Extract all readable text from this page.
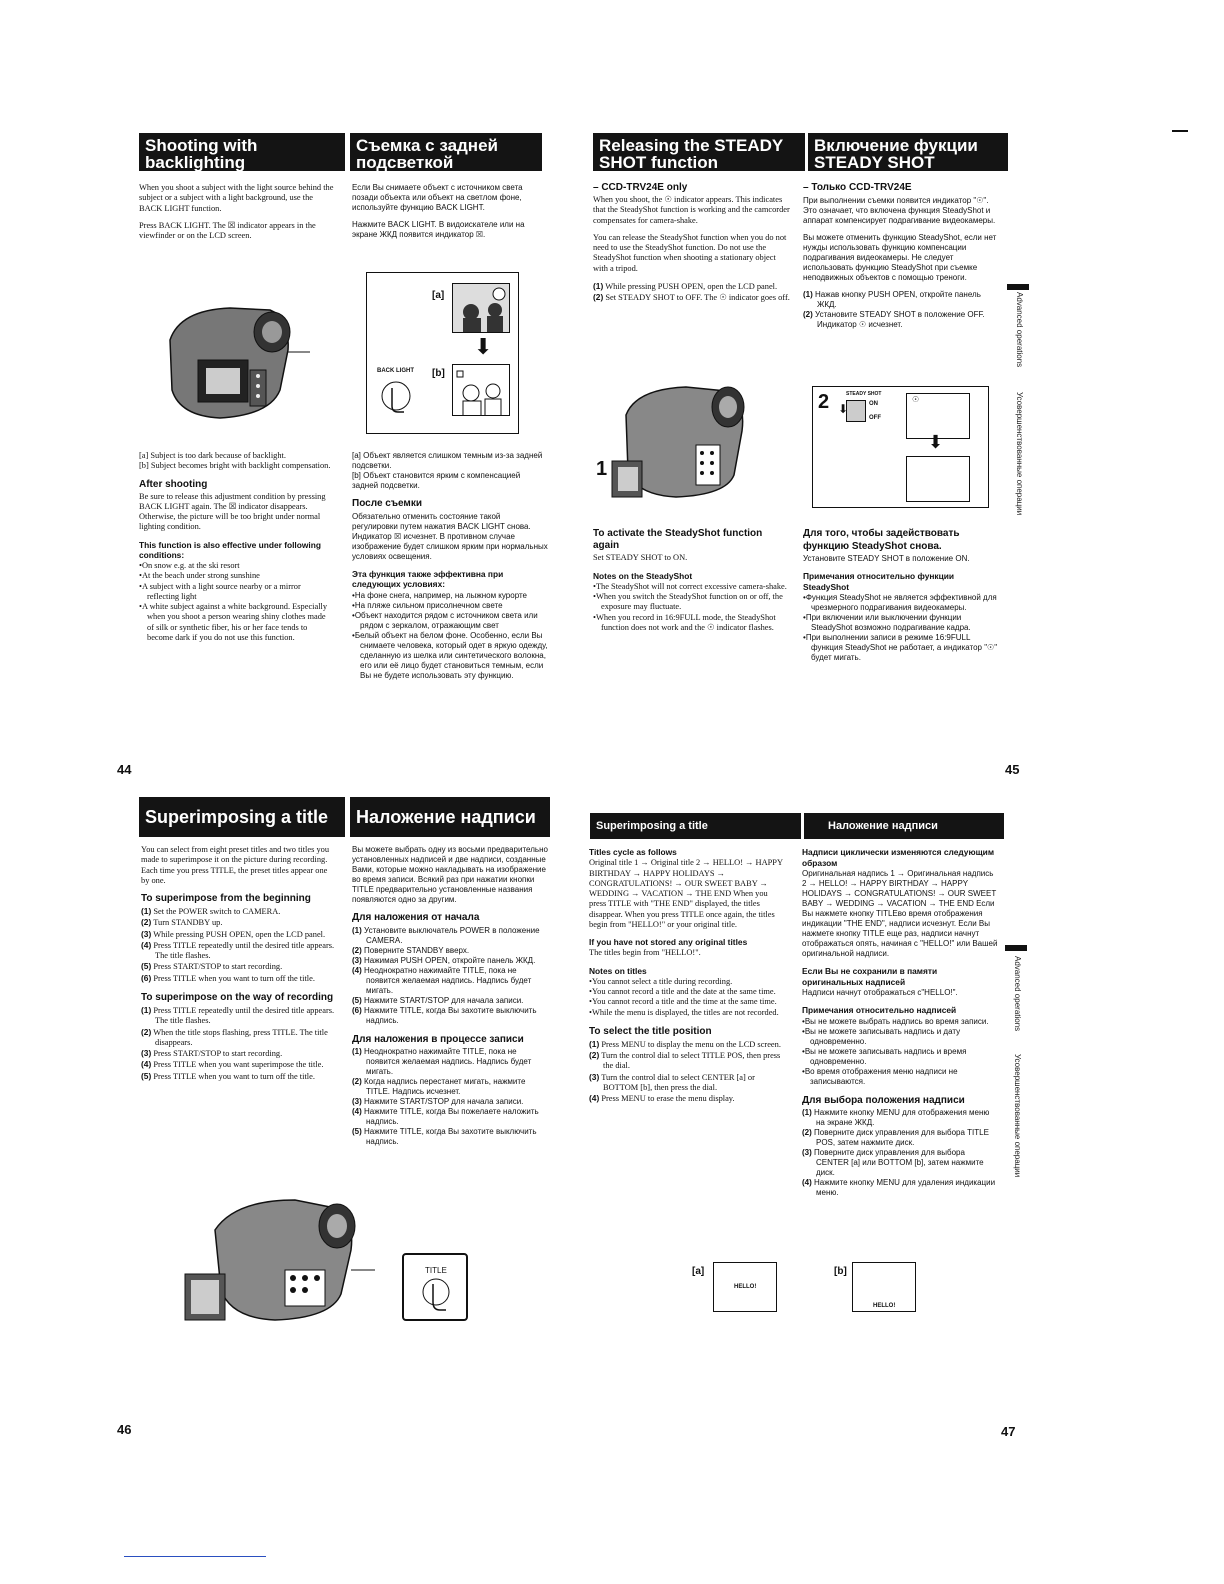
Shooting with
backlighting
Съемка с задней
подсветкой

When you shoot a subject with the light source behind the subject or a subject with a light background, use the BACK LIGHT function.

Press BACK LIGHT. The ☒ indicator appears in the viewfinder or on the LCD screen.

Если Вы снимаете объект с источником света позади объекта или объект на светлом фоне, используйте функцию BACK LIGHT.

Нажмите BACK LIGHT. В видоискателе или на экране ЖКД появится индикатор ☒.

[a]
⬇
[b]
BACK LIGHT

[a] Subject is too dark because of backlight.

[b] Subject becomes bright with backlight compensation.

After shooting

Be sure to release this adjustment condition by pressing BACK LIGHT again. The ☒ indicator disappears. Otherwise, the picture will be too bright under normal lighting condition.

This function is also effective under following conditions:
• On snow e.g. at the ski resort
• At the beach under strong sunshine
• A subject with a light source nearby or a mirror reflecting light
• A white subject against a white background. Especially when you shoot a person wearing shiny clothes made of silk or synthetic fiber, his or her face tends to become dark if you do not use this function.

[a] Объект является слишком темным из-за задней подсветки.

[b] Объект становится ярким с компенсацией задней подсветки.

После съемки

Обязательно отменить состояние такой регулировки путем нажатия BACK LIGHT снова. Индикатор ☒ исчезнет. В противном случае изображение будет слишком ярким при нормальных условиях освещения.

Эта функция также эффективна при следующих условиях:
• На фоне снега, например, на лыжном курорте
• На пляже сильном присолнечном свете
• Объект находится рядом с источником света или рядом с зеркалом, отражающим свет
• Белый объект на белом фоне. Особенно, если Вы снимаете человека, который одет в яркую одежду, сделанную из шелка или синтетического волокна, его или её лицо будет становиться темным, если Вы не будете использовать эту функцию.
44
Releasing the STEADY
SHOT function
Включение фукции
STEADY SHOT
– CCD-TRV24E only

When you shoot, the ☉ indicator appears. This indicates that the SteadyShot function is working and the camcorder compensates for camera-shake.

You can release the SteadyShot function when you do not need to use the SteadyShot function. Do not use the SteadyShot function when shooting a stationary object with a tripod.

(1) While pressing PUSH OPEN, open the LCD panel.
(2) Set STEADY SHOT to OFF. The ☉ indicator goes off.
– Только CCD-TRV24E

При выполнении съемки появится индикатор "☉". Это означает, что включена функция SteadyShot и аппарат компенсирует подрагивание видеокамеры.

Вы можете отменить функцию SteadyShot, если нет нужды использовать функцию компенсации подрагивания видеокамеры. Не следует использовать функцию SteadyShot при съемке неподвижных объектов с помощью треноги.

(1) Нажав кнопку PUSH OPEN, откройте панель ЖКД.
(2) Установите STEADY SHOT в положение OFF. Индикатор ☉ исчезнет.
1
2	STEADY SHOT
ON
OFF
⬇
☉
⬇
To activate the SteadyShot function again

Set STEADY SHOT to ON.

Notes on the SteadyShot
• The SteadyShot will not correct excessive camera-shake.
• When you switch the SteadyShot function on or off, the exposure may fluctuate.
• When you record in 16:9FULL mode, the SteadyShot function does not work and the ☉ indicator flashes.
Для того, чтобы задействовать функцию SteadyShot снова.

Установите STEADY SHOT в положение ON.

Примечания относительно функции SteadyShot
• Функция SteadyShot не является эффективной для чрезмерного подрагивания видеокамеры.
• При включении или выключении функции SteadyShot возможно подрагивание кадра.
• При выполнении записи в режиме 16:9FULL функция SteadyShot не работает, а индикатор "☉" будет мигать.
Advanced operations
Усовершенствованные операции
45
Superimposing a title Наложение надписи

You can select from eight preset titles and two titles you made to superimpose it on the picture during recording. Each time you press TITLE, the preset titles appear one by one.

To superimpose from the beginning
(1) Set the POWER switch to CAMERA.
(2) Turn STANDBY up.
(3) While pressing PUSH OPEN, open the LCD panel.
(4) Press TITLE repeatedly until the desired title appears. The title flashes.
(5) Press START/STOP to start recording.
(6) Press TITLE when you want to turn off the title.
To superimpose on the way of recording
(1) Press TITLE repeatedly until the desired title appears. The title flashes.
(2) When the title stops flashing, press TITLE. The title disappears.
(3) Press START/STOP to start recording.
(4) Press TITLE when you want superimpose the title.
(5) Press TITLE when you want to turn off the title.

Вы можете выбрать одну из восьми предварительно установленных надписей и две надписи, созданные Вами, которые можно накладывать на изображение во время записи. Всякий раз при нажатии кнопки TITLE предварительно установленные названия появляются одно за другим.

Для наложения от начала
(1) Установите выключатель POWER в положение CAMERA.
(2) Поверните STANDBY вверх.
(3) Нажимая PUSH OPEN, откройте панель ЖКД.
(4) Неоднократно нажимайте TITLE, пока не появится желаемая надпись. Надпись будет мигать.
(5) Нажмите START/STOP для начала записи.
(6) Нажмите TITLE, когда Вы захотите выключить надпись.
Для наложения в процессе записи
(1) Неоднократно нажимайте TITLE, пока не появится желаемая надпись. Надпись будет мигать.
(2) Когда надпись перестанет мигать, нажмите TITLE. Надпись исчезнет.
(3) Нажмите START/STOP для начала записи.
(4) Нажмите TITLE, когда Вы пожелаете наложить надпись.
(5) Нажмите TITLE, когда Вы захотите выключить надпись.
TITLE
46
Superimposing a title	Наложение надписи
Titles cycle as follows

Original title 1 → Original title 2 → HELLO! → HAPPY BIRTHDAY → HAPPY HOLIDAYS → CONGRATULATIONS! → OUR SWEET BABY → WEDDING → VACATION → THE END When you press TITLE with "THE END" displayed, the titles disappear. When you press TITLE once again, the titles begin from "HELLO!" or your original title.

If you have not stored any original titles

The titles begin from "HELLO!".

Notes on titles
• You cannot select a title during recording.
• You cannot record a title and the date at the same time.
• You cannot record a title and the time at the same time.
• While the menu is displayed, the titles are not recorded.
To select the title position
(1) Press MENU to display the menu on the LCD screen.
(2) Turn the control dial to select TITLE POS, then press the dial.
(3) Turn the control dial to select CENTER [a] or BOTTOM [b], then press the dial.
(4) Press MENU to erase the menu display.
Надписи циклически изменяются следующим образом

Оригинальная надпись 1 → Оригинальная надпись 2 → HELLO! → HAPPY BIRTHDAY → HAPPY HOLIDAYS → CONGRATULATIONS! → OUR SWEET BABY → WEDDING → VACATION → THE END Если Вы нажмете кнопку TITLEво время отображения индикации "THE END", надписи исчезнут. Если Вы нажмете кнопку TITLE еще раз, надписи начнут отображаться опять, начиная с "HELLO!" или Вашей оригинальной надписи.

Если Вы не сохранили в памяти оригинальных надписей

Надписи начнут отображаться с"HELLO!".

Примечания относительно надписей
• Вы не можете выбрать надпись во время записи.
• Вы не можете записывать надпись и дату одновременно.
• Вы не можете записывать надпись и время одновременно.
• Во время отображения меню надписи не записываются.
Для выбора положения надписи
(1) Нажмите кнопку MENU для отображения меню на экране ЖКД.
(2) Поверните диск управления для выбора TITLE POS, затем нажмите диск.
(3) Поверните диск управления для выбора CENTER [a] или BOTTOM [b], затем нажмите диск.
(4) Нажмите кнопку MENU для удаления индикации меню.
[a]
HELLO!
[b]
HELLO!
Advanced operations
Усовершенствованные операции
47
